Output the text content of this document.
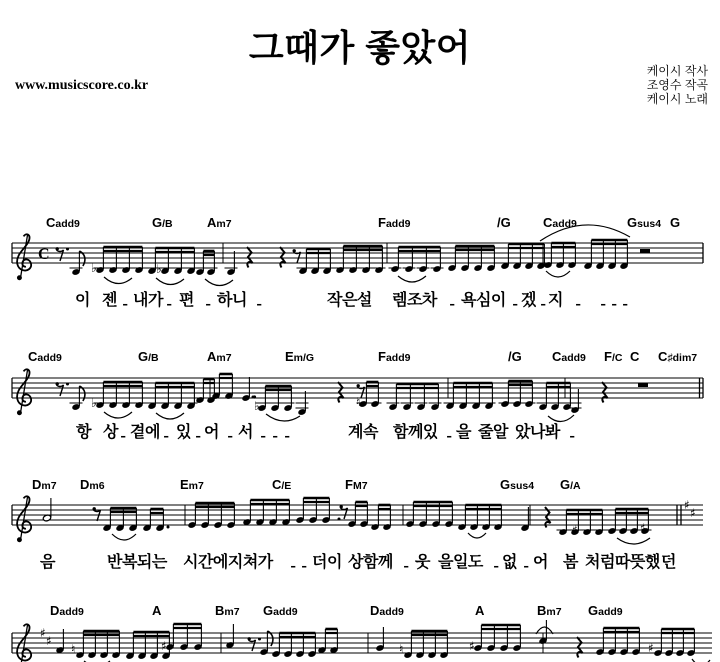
그때가 좋았어
www.musicscore.co.kr
케이시 작사
조영수 작곡
케이시 노래
C
♯
♯
♯
♯
♭	♭
♭	♭	♮
♯	♯
♮	♯	♮	♯	♯
Cadd9	G/B	Am7	Fadd9	/G Cadd9	Gsus4 G
이 젠 - 내가 - 편 - 하니 -	작은설 렘조차 - 욕심이 - 겠 - 지 - - - -
Cadd9	G/B	Am7	Em/G	Fadd9	/G Cadd9 F/C C C♯dim7
항 상 - 곁에 - 있 - 어 - 서 - - -	계속 함께있 - 을 줄알 았나봐 -
Dm7 Dm6	Em7	C/E	FM7	Gsus4 G/A
음	반복되는 시간에지쳐가 - - 더이 상함께 - 웃 을일도 - 없 - 어 봄 처럼따뜻했 던
Dadd9	A	Bm7 Gadd9	Dadd9	A	Bm7 Gadd9
